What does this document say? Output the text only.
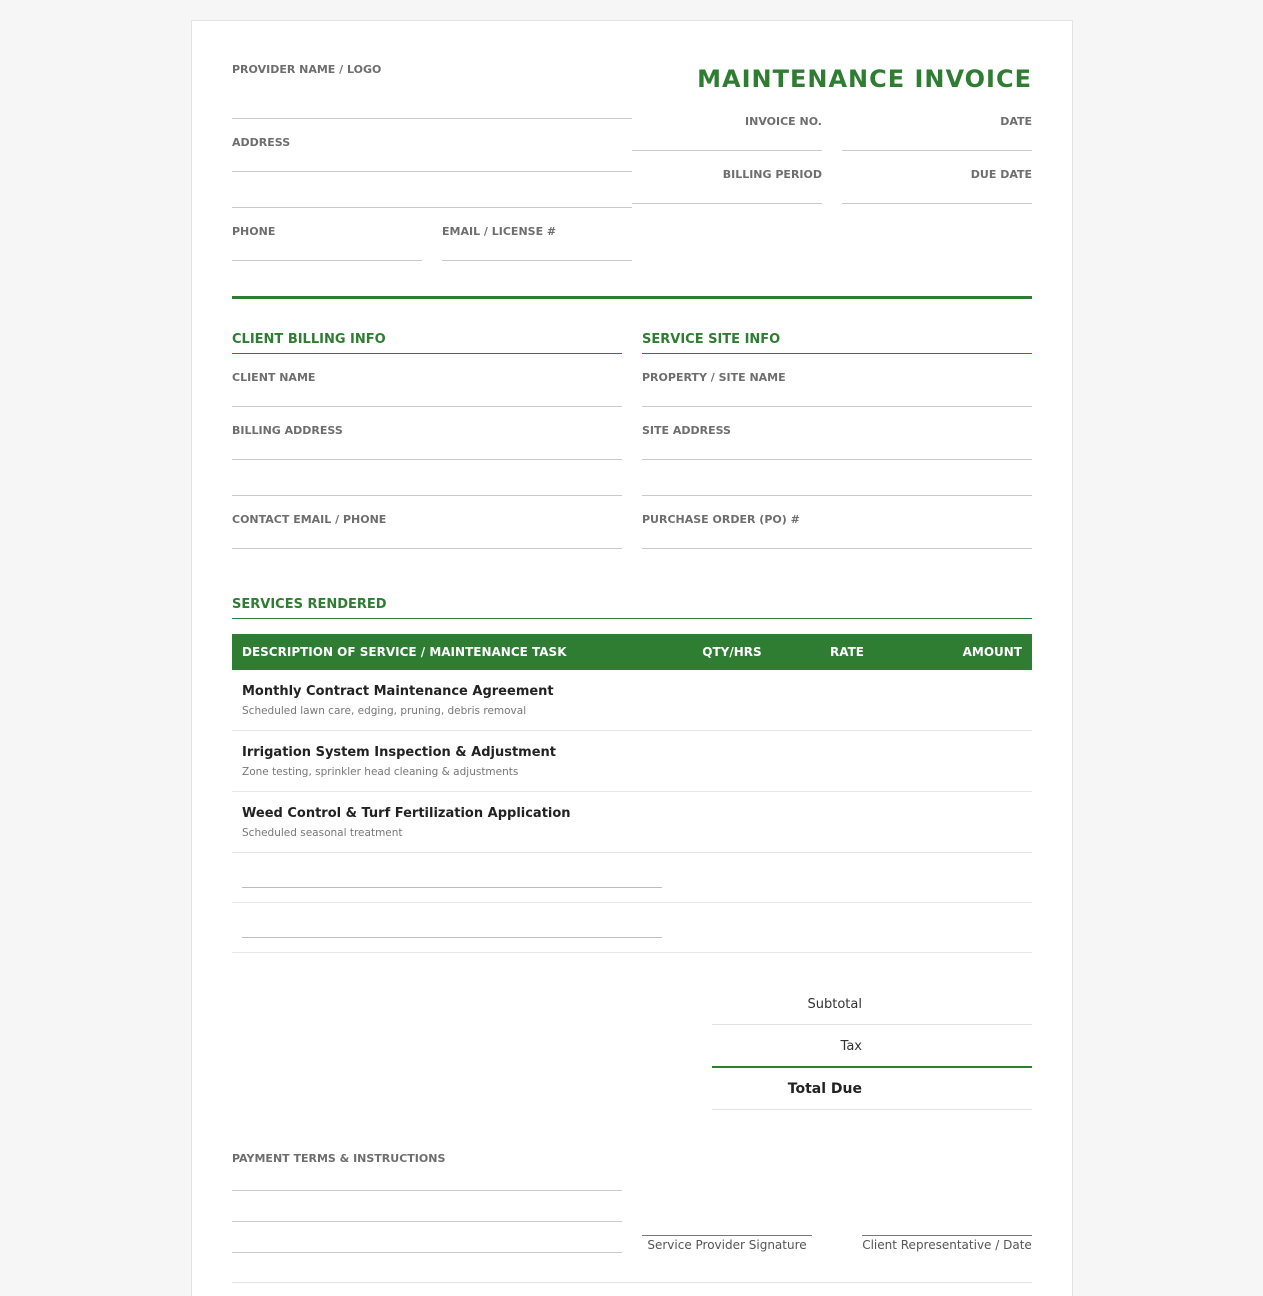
PROVIDER NAME / LOGO
ADDRESS
PHONE	EMAIL / LICENSE #
MAINTENANCE INVOICE
INVOICE NO.	DATE
BILLING PERIOD	DUE DATE
CLIENT BILLING INFO
CLIENT NAME
BILLING ADDRESS
CONTACT EMAIL / PHONE
SERVICE SITE INFO
PROPERTY / SITE NAME
SITE ADDRESS
PURCHASE ORDER (PO) #
SERVICES RENDERED
DESCRIPTION OF SERVICE / MAINTENANCE TASK	QTY/HRS	RATE	AMOUNT
Monthly Contract Maintenance Agreement
Scheduled lawn care, edging, pruning, debris removal
Irrigation System Inspection & Adjustment
Zone testing, sprinkler head cleaning & adjustments
Weed Control & Turf Fertilization Application
Scheduled seasonal treatment
Subtotal
Tax
Total Due
PAYMENT TERMS & INSTRUCTIONS
Service Provider Signature	Client Representative / Date
